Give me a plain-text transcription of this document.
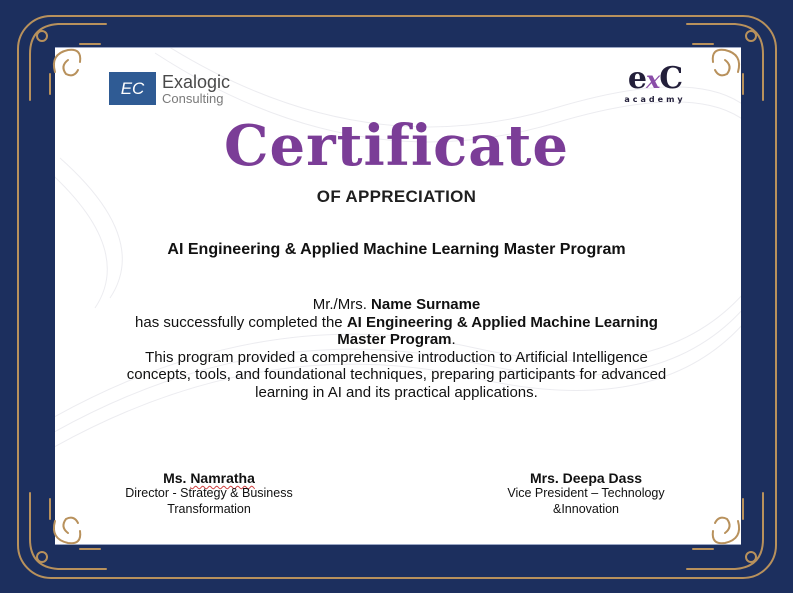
EC Exalogic
Consulting
exC
academy
Certificate
OF APPRECIATION
AI Engineering & Applied Machine Learning Master Program
Mr./Mrs. Name Surname
has successfully completed the AI Engineering & Applied Machine Learning Master Program.
This program provided a comprehensive introduction to Artificial Intelligence concepts, tools, and foundational techniques, preparing participants for advanced learning in AI and its practical applications.
Ms. Namratha
Director - Strategy & Business
Transformation
Mrs. Deepa Dass
Vice President – Technology
&Innovation
